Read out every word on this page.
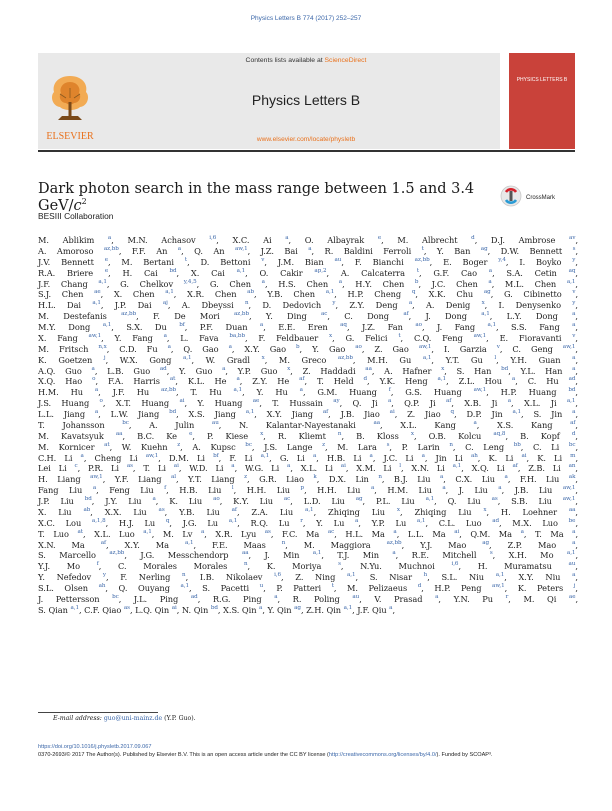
Physics Letters B 774 (2017) 252–257
Contents lists available at ScienceDirect
Physics Letters B
www.elsevier.com/locate/physletb
ELSEVIER
PHYSICS LETTERS B
Dark photon search in the mass range between 1.5 and 3.4 GeV/$c^2$	CrossMark
BESIII Collaboration
M. Ablikim $^a$, M.N. Achasov $^{i,6}$, X.C. Ai $^a$, O. Albayrak $^e$, M. Albrecht $^d$, D.J. Ambrose $^{av}$,
A. Amoroso $^{az,bb}$, F.F. An $^a$, Q. An $^{aw,1}$, J.Z. Bai $^a$, R. Baldini Ferroli $^t$, Y. Ban $^{ag}$, D.W. Bennett $^s$,
J.V. Bennett $^e$, M. Bertani $^t$, D. Bettoni $^v$, J.M. Bian $^{au}$, F. Bianchi $^{az,bb}$, E. Boger $^{y,4}$, I. Boyko $^y$,
R.A. Briere $^e$, H. Cai $^{bd}$, X. Cai $^{a,1}$, O. Cakir $^{ap,2}$, A. Calcaterra $^t$, G.F. Cao $^a$, S.A. Cetin $^{aq}$,
J.F. Chang $^{a,1}$, G. Chelkov $^{y,4,5}$, G. Chen $^a$, H.S. Chen $^a$, H.Y. Chen $^b$, J.C. Chen $^a$, M.L. Chen $^{a,1}$,
S.J. Chen $^{ae}$, X. Chen $^{a,1}$, X.R. Chen $^{ab}$, Y.B. Chen $^{a,1}$, H.P. Cheng $^q$, X.K. Chu $^{ag}$, G. Cibinetto $^v$,
H.L. Dai $^{a,1}$, J.P. Dai $^{aj}$, A. Dbeyssi $^n$, D. Dedovich $^y$, Z.Y. Deng $^a$, A. Denig $^x$, I. Denysenko $^y$,
M. Destefanis $^{az,bb}$, F. De Mori $^{az,bb}$, Y. Ding $^{ac}$, C. Dong $^{af}$, J. Dong $^{a,1}$, L.Y. Dong $^a$,
M.Y. Dong $^{a,1}$, S.X. Du $^{bf}$, P.F. Duan $^a$, E.E. Eren $^{aq}$, J.Z. Fan $^{ao}$, J. Fang $^{a,1}$, S.S. Fang $^a$,
X. Fang $^{aw,1}$, Y. Fang $^a$, L. Fava $^{ba,bb}$, F. Feldbauer $^x$, G. Felici $^t$, C.Q. Feng $^{aw,1}$, E. Fioravanti $^v$,
M. Fritsch $^{n,x}$, C.D. Fu $^a$, Q. Gao $^a$, X.Y. Gao $^b$, Y. Gao $^{ao}$, Z. Gao $^{aw,1}$, I. Garzia $^v$, C. Geng $^{aw,1}$,
K. Goetzen $^j$, W.X. Gong $^{a,1}$, W. Gradl $^x$, M. Greco $^{az,bb}$, M.H. Gu $^{a,1}$, Y.T. Gu $^l$, Y.H. Guan $^a$,
A.Q. Guo $^a$, L.B. Guo $^{ad}$, Y. Guo $^a$, Y.P. Guo $^x$, Z. Haddadi $^{aa}$, A. Hafner $^x$, S. Han $^{bd}$, Y.L. Han $^a$,
X.Q. Hao $^o$, F.A. Harris $^{at}$, K.L. He $^a$, Z.Y. He $^{af}$, T. Held $^d$, Y.K. Heng $^{a,1}$, Z.L. Hou $^a$, C. Hu $^{ad}$,
H.M. Hu $^a$, J.F. Hu $^{az,bb}$, T. Hu $^{a,1}$, Y. Hu $^a$, G.M. Huang $^f$, G.S. Huang $^{aw,1}$, H.P. Huang $^{bd}$,
J.S. Huang $^o$, X.T. Huang $^{ai}$, Y. Huang $^{ae}$, T. Hussain $^{ay}$, Q. Ji $^a$, Q.P. Ji $^{af}$, X.B. Ji $^a$, X.L. Ji $^{a,1}$,
L.L. Jiang $^a$, L.W. Jiang $^{bd}$, X.S. Jiang $^{a,1}$, X.Y. Jiang $^{af}$, J.B. Jiao $^{ai}$, Z. Jiao $^q$, D.P. Jin $^{a,1}$, S. Jin $^a$,
T. Johansson $^{bc}$, A. Julin $^{au}$, N. Kalantar-Nayestanaki $^{aa}$, X.L. Kang $^a$, X.S. Kang $^{af}$,
M. Kavatsyuk $^{aa}$, B.C. Ke $^e$, P. Kiese $^x$, R. Kliemt $^n$, B. Kloss $^x$, O.B. Kolcu $^{aq,8}$, B. Kopf $^d$,
M. Kornicer $^{at}$, W. Kuehn $^z$, A. Kupsc $^{bc}$, J.S. Lange $^z$, M. Lara $^s$, P. Larin $^n$, C. Leng $^{bb}$, C. Li $^{bc}$,
C.H. Li $^a$, Cheng Li $^{aw,1}$, D.M. Li $^{bf}$, F. Li $^{a,1}$, G. Li $^a$, H.B. Li $^a$, J.C. Li $^a$, Jin Li $^{ah}$, K. Li $^{ai}$, K. Li $^m$,
Lei Li $^c$, P.R. Li $^{as}$, T. Li $^{ai}$, W.D. Li $^a$, W.G. Li $^a$, X.L. Li $^{ai}$, X.M. Li $^l$, X.N. Li $^{a,1}$, X.Q. Li $^{af}$, Z.B. Li $^{an}$,
H. Liang $^{aw,1}$, Y.F. Liang $^{al}$, Y.T. Liang $^z$, G.R. Liao $^k$, D.X. Lin $^n$, B.J. Liu $^a$, C.X. Liu $^a$, F.H. Liu $^{ak}$,
Fang Liu $^a$, Feng Liu $^f$, H.B. Liu $^l$, H.H. Liu $^p$, H.H. Liu $^a$, H.M. Liu $^a$, J. Liu $^a$, J.B. Liu $^{aw,1}$,
J.P. Liu $^{bd}$, J.Y. Liu $^a$, K. Liu $^{ao}$, K.Y. Liu $^{ac}$, L.D. Liu $^{ag}$, P.L. Liu $^{a,1}$, Q. Liu $^{as}$, S.B. Liu $^{aw,1}$,
X. Liu $^{ab}$, X.X. Liu $^{as}$, Y.B. Liu $^{af}$, Z.A. Liu $^{a,1}$, Zhiqing Liu $^x$, Zhiqing Liu $^x$, H. Loehner $^{aa}$,
X.C. Lou $^{a,1,8}$, H.J. Lu $^q$, J.G. Lu $^{a,1}$, R.Q. Lu $^r$, Y. Lu $^a$, Y.P. Lu $^{a,1}$, C.L. Luo $^{ad}$, M.X. Luo $^{be}$,
T. Luo $^{at}$, X.L. Luo $^{a,1}$, M. Lv $^a$, X.R. Lyu $^{as}$, F.C. Ma $^{ac}$, H.L. Ma $^a$, L.L. Ma $^{ai}$, Q.M. Ma $^a$, T. Ma $^a$,
X.N. Ma $^{af}$, X.Y. Ma $^{a,1}$, F.E. Maas $^n$, M. Maggiora $^{az,bb}$, Y.J. Mao $^{ag}$, Z.P. Mao $^a$,
S. Marcello $^{az,bb}$, J.G. Messchendorp $^{aa}$, J. Min $^{a,1}$, T.J. Min $^a$, R.E. Mitchell $^s$, X.H. Mo $^{a,1}$,
Y.J. Mo $^f$, C. Morales Morales $^n$, K. Moriya $^s$, N.Yu. Muchnoi $^{i,6}$, H. Muramatsu $^{au}$,
Y. Nefedov $^y$, F. Nerling $^n$, I.B. Nikolaev $^{i,6}$, Z. Ning $^{a,1}$, S. Nisar $^h$, S.L. Niu $^{a,1}$, X.Y. Niu $^a$,
S.L. Olsen $^{ah}$, Q. Ouyang $^{a,1}$, S. Pacetti $^u$, P. Patteri $^t$, M. Pelizaeus $^d$, H.P. Peng $^{aw,1}$, K. Peters $^j$,
J. Pettersson $^{bc}$, J.L. Ping $^{ad}$, R.G. Ping $^a$, R. Poling $^{au}$, V. Prasad $^a$, Y.N. Pu $^r$, M. Qi $^{ae}$,
S. Qian $^{a,1}$, C.F. Qiao $^{as}$, L.Q. Qin $^{ai}$, N. Qin $^{bd}$, X.S. Qin $^a$, Y. Qin $^{ag}$, Z.H. Qin $^{a,1}$, J.F. Qiu $^a$,
E-mail address: guo@uni-mainz.de (Y.P. Guo).
https://doi.org/10.1016/j.physletb.2017.09.067
0370-2693/© 2017 The Author(s). Published by Elsevier B.V. This is an open access article under the CC BY license (http://creativecommons.org/licenses/by/4.0/). Funded by SCOAP³.
